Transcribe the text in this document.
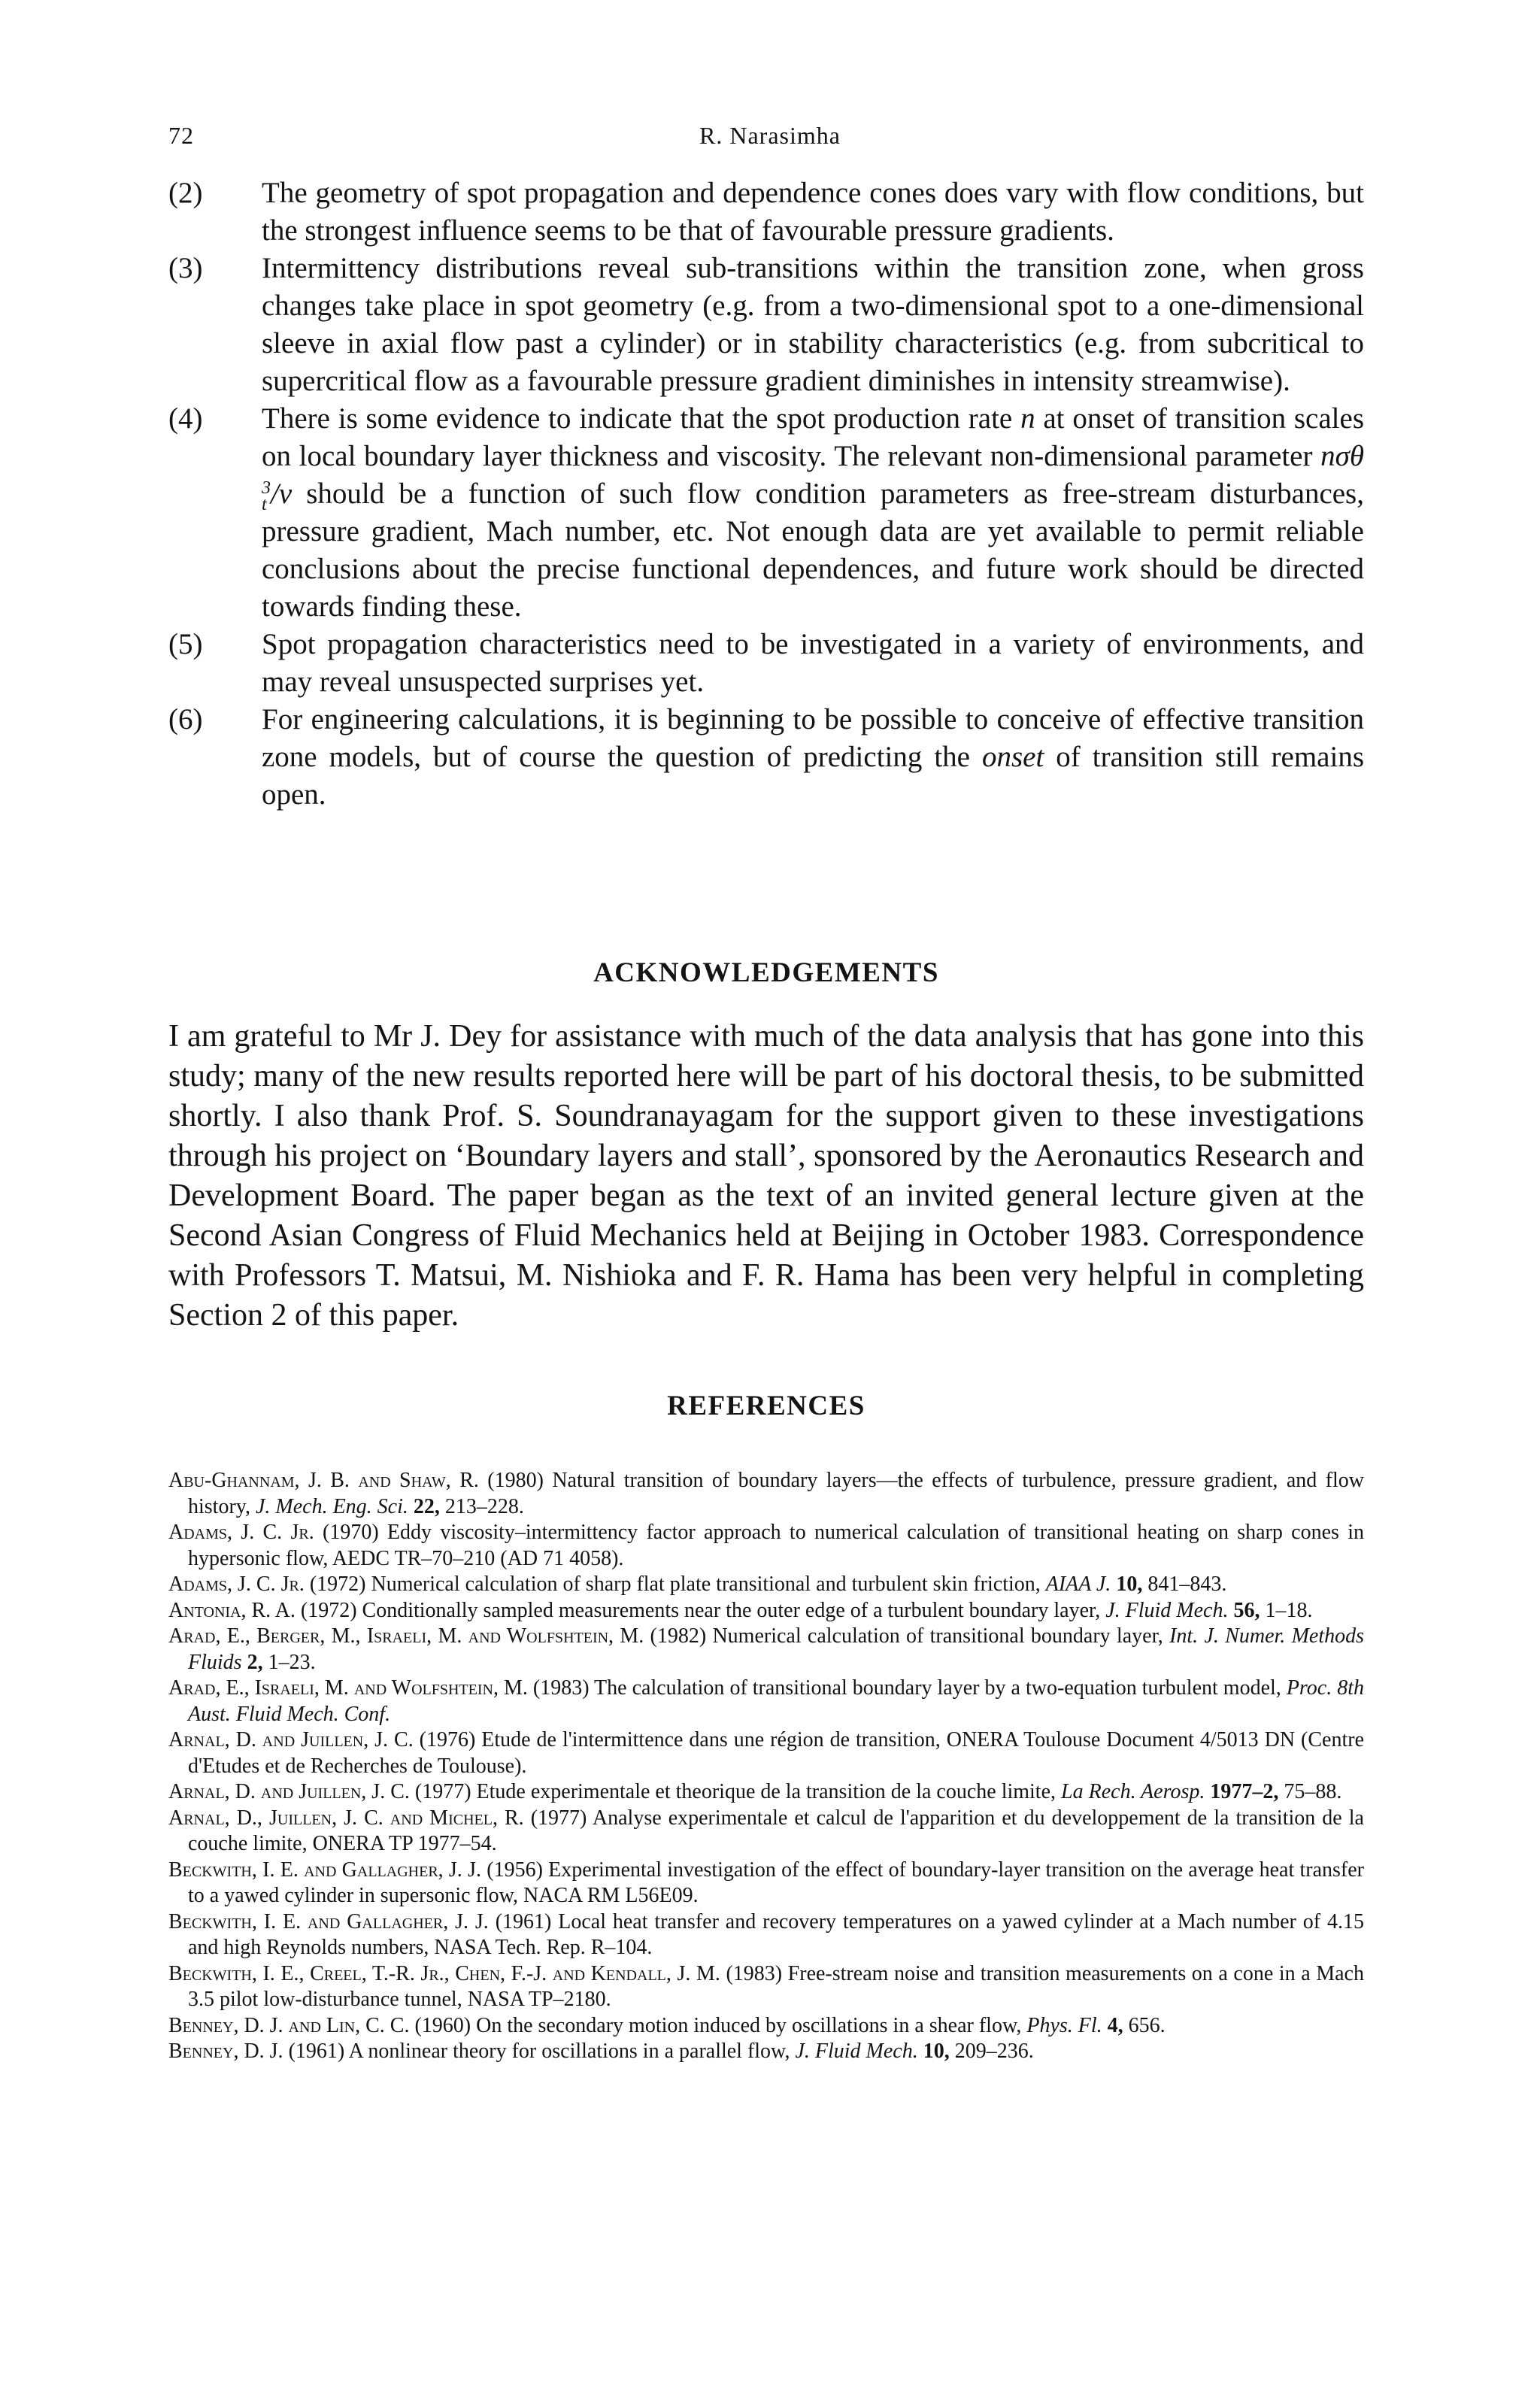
72	R. Narasimha
(2) The geometry of spot propagation and dependence cones does vary with flow conditions, but the strongest influence seems to be that of favourable pressure gradients.
(3) Intermittency distributions reveal sub-transitions within the transition zone, when gross changes take place in spot geometry (e.g. from a two-dimensional spot to a one-dimensional sleeve in axial flow past a cylinder) or in stability characteristics (e.g. from subcritical to supercritical flow as a favourable pressure gradient diminishes in intensity streamwise).
(4) There is some evidence to indicate that the spot production rate n at onset of transition scales on local boundary layer thickness and viscosity. The relevant non-dimensional parameter nσθ
3
t /ν should be a function of such flow condition parameters as free-stream disturbances, pressure gradient, Mach number, etc. Not enough data are yet available to permit reliable conclusions about the precise functional dependences, and future work should be directed towards finding these.
(5) Spot propagation characteristics need to be investigated in a variety of environments, and may reveal unsuspected surprises yet.
(6) For engineering calculations, it is beginning to be possible to conceive of effective transition zone models, but of course the question of predicting the onset of transition still remains open.
ACKNOWLEDGEMENTS

I am grateful to Mr J. Dey for assistance with much of the data analysis that has gone into this study; many of the new results reported here will be part of his doctoral thesis, to be submitted shortly. I also thank Prof. S. Soundranayagam for the support given to these investigations through his project on ‘Boundary layers and stall’, sponsored by the Aeronautics Research and Development Board. The paper began as the text of an invited general lecture given at the Second Asian Congress of Fluid Mechanics held at Beijing in October 1983. Correspondence with Professors T. Matsui, M. Nishioka and F. R. Hama has been very helpful in completing Section 2 of this paper.

REFERENCES
Abu-Ghannam, J. B. and Shaw, R. (1980) Natural transition of boundary layers—the effects of turbulence, pressure gradient, and flow history, J. Mech. Eng. Sci. 22, 213–228.
Adams, J. C. Jr. (1970) Eddy viscosity–intermittency factor approach to numerical calculation of transitional heating on sharp cones in hypersonic flow, AEDC TR–70–210 (AD 71 4058).
Adams, J. C. Jr. (1972) Numerical calculation of sharp flat plate transitional and turbulent skin friction, AIAA J. 10, 841–843.
Antonia, R. A. (1972) Conditionally sampled measurements near the outer edge of a turbulent boundary layer, J. Fluid Mech. 56, 1–18.
Arad, E., Berger, M., Israeli, M. and Wolfshtein, M. (1982) Numerical calculation of transitional boundary layer, Int. J. Numer. Methods Fluids 2, 1–23.
Arad, E., Israeli, M. and Wolfshtein, M. (1983) The calculation of transitional boundary layer by a two-equation turbulent model, Proc. 8th Aust. Fluid Mech. Conf.
Arnal, D. and Juillen, J. C. (1976) Etude de l'intermittence dans une région de transition, ONERA Toulouse Document 4/5013 DN (Centre d'Etudes et de Recherches de Toulouse).
Arnal, D. and Juillen, J. C. (1977) Etude experimentale et theorique de la transition de la couche limite, La Rech. Aerosp. 1977–2, 75–88.
Arnal, D., Juillen, J. C. and Michel, R. (1977) Analyse experimentale et calcul de l'apparition et du developpement de la transition de la couche limite, ONERA TP 1977–54.
Beckwith, I. E. and Gallagher, J. J. (1956) Experimental investigation of the effect of boundary-layer transition on the average heat transfer to a yawed cylinder in supersonic flow, NACA RM L56E09.
Beckwith, I. E. and Gallagher, J. J. (1961) Local heat transfer and recovery temperatures on a yawed cylinder at a Mach number of 4.15 and high Reynolds numbers, NASA Tech. Rep. R–104.
Beckwith, I. E., Creel, T.-R. Jr., Chen, F.-J. and Kendall, J. M. (1983) Free-stream noise and transition measurements on a cone in a Mach 3.5 pilot low-disturbance tunnel, NASA TP–2180.
Benney, D. J. and Lin, C. C. (1960) On the secondary motion induced by oscillations in a shear flow, Phys. Fl. 4, 656.
Benney, D. J. (1961) A nonlinear theory for oscillations in a parallel flow, J. Fluid Mech. 10, 209–236.
